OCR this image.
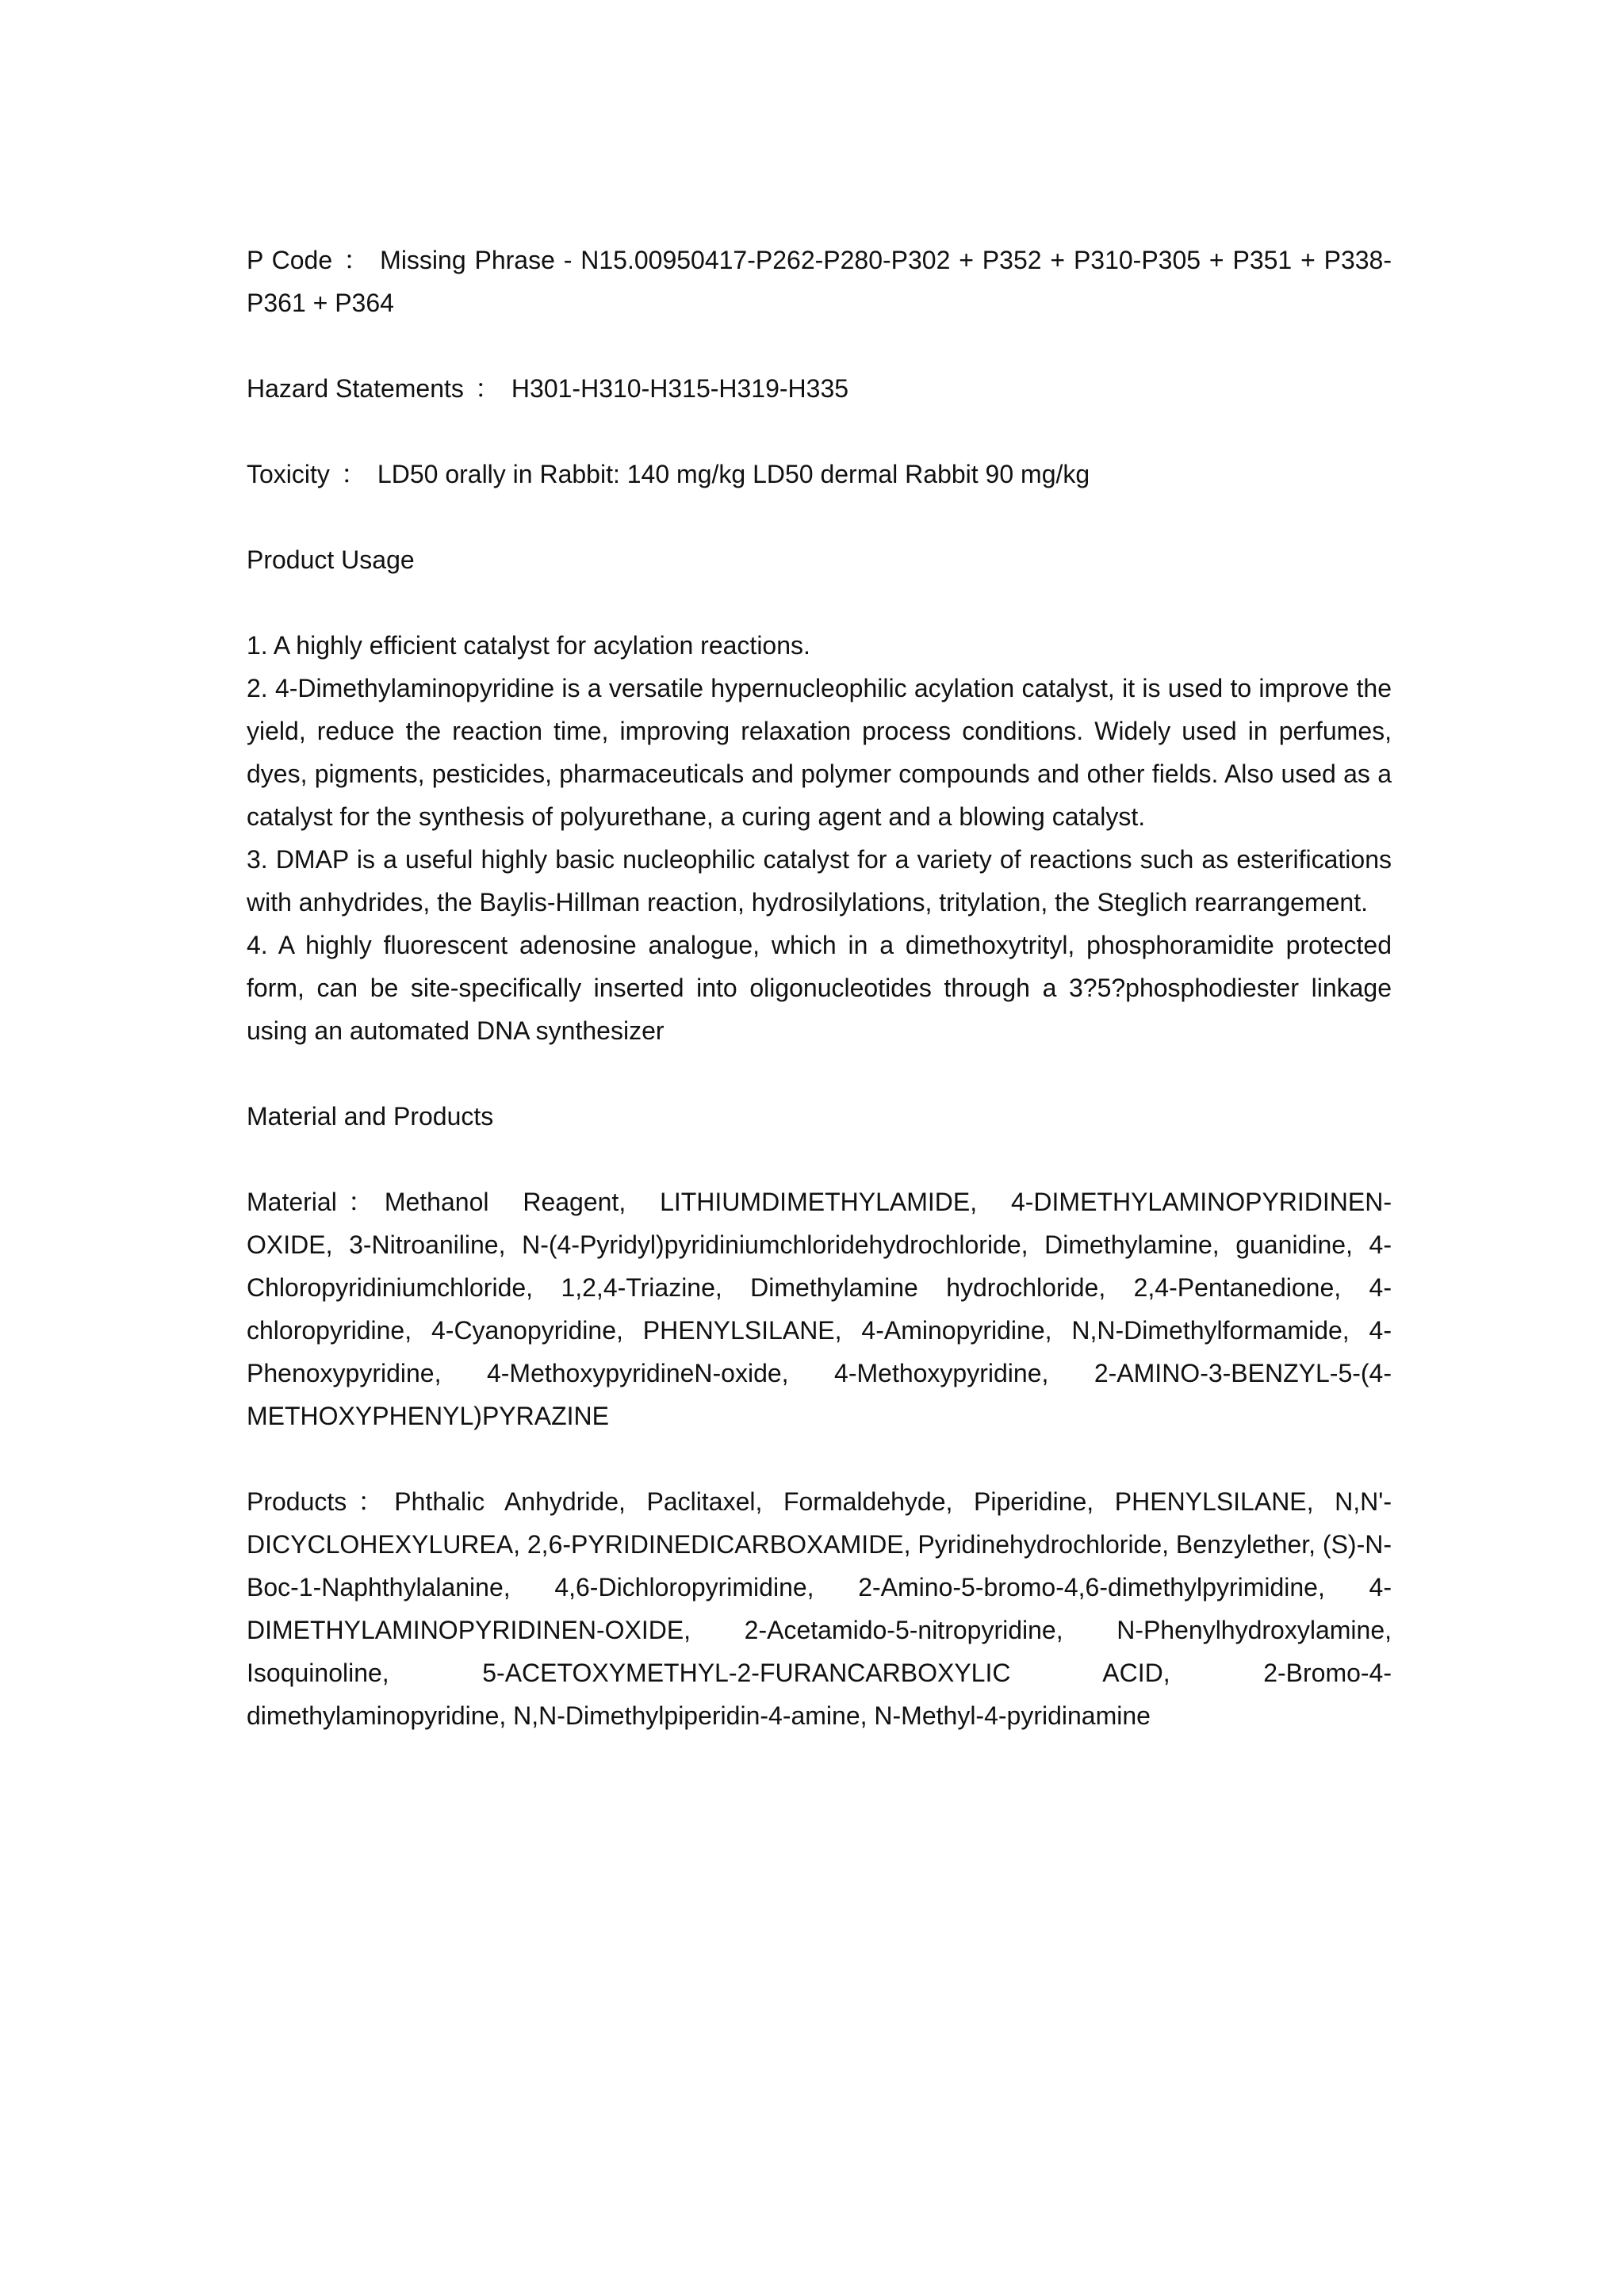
P Code ： Missing Phrase - N15.00950417-P262-P280-P302 + P352 + P310-P305 + P351 + P338-P361 + P364

Hazard Statements ： H301-H310-H315-H319-H335

Toxicity ： LD50 orally in Rabbit: 140 mg/kg LD50 dermal Rabbit 90 mg/kg

Product Usage

1. A highly efficient catalyst for acylation reactions.

2. 4-Dimethylaminopyridine is a versatile hypernucleophilic acylation catalyst, it is used to improve the yield, reduce the reaction time, improving relaxation process conditions. Widely used in perfumes, dyes, pigments, pesticides, pharmaceuticals and polymer compounds and other fields. Also used as a catalyst for the synthesis of polyurethane, a curing agent and a blowing catalyst.

3. DMAP is a useful highly basic nucleophilic catalyst for a variety of reactions such as esterifications with anhydrides, the Baylis-Hillman reaction, hydrosilylations, tritylation, the Steglich rearrangement.

4. A highly fluorescent adenosine analogue, which in a dimethoxytrityl, phosphoramidite protected form, can be site-specifically inserted into oligonucleotides through a 3?5?phosphodiester linkage using an automated DNA synthesizer

Material and Products

Material ： Methanol Reagent, LITHIUMDIMETHYLAMIDE, 4-DIMETHYLAMINOPYRIDINEN-OXIDE, 3-Nitroaniline, N-(4-Pyridyl)pyridiniumchloridehydrochloride, Dimethylamine, guanidine, 4-Chloropyridiniumchloride, 1,2,4-Triazine, Dimethylamine hydrochloride, 2,4-Pentanedione, 4-chloropyridine, 4-Cyanopyridine, PHENYLSILANE, 4-Aminopyridine, N,N-Dimethylformamide, 4-Phenoxypyridine, 4-MethoxypyridineN-oxide, 4-Methoxypyridine, 2-AMINO-3-BENZYL-5-(4-METHOXYPHENYL)PYRAZINE

Products ： Phthalic Anhydride, Paclitaxel, Formaldehyde, Piperidine, PHENYLSILANE, N,N'-DICYCLOHEXYLUREA, 2,6-PYRIDINEDICARBOXAMIDE, Pyridinehydrochloride, Benzylether, (S)-N-Boc-1-Naphthylalanine, 4,6-Dichloropyrimidine, 2-Amino-5-bromo-4,6-dimethylpyrimidine, 4-DIMETHYLAMINOPYRIDINEN-OXIDE, 2-Acetamido-5-nitropyridine, N-Phenylhydroxylamine, Isoquinoline, 5-ACETOXYMETHYL-2-FURANCARBOXYLIC ACID, 2-Bromo-4-dimethylaminopyridine, N,N-Dimethylpiperidin-4-amine, N-Methyl-4-pyridinamine
